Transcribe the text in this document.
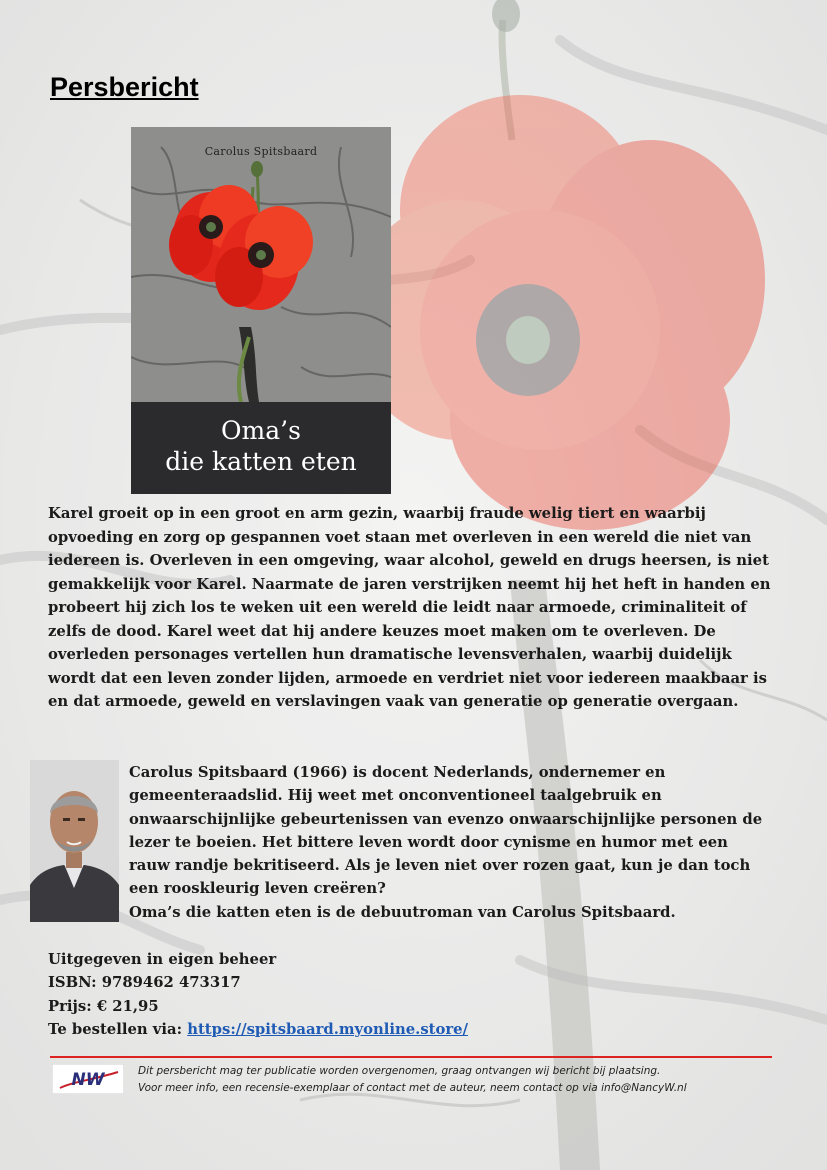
Persbericht
Carolus Spitsbaard
Oma’s
die katten eten

Karel groeit op in een groot en arm gezin, waarbij fraude welig tiert en waarbij opvoeding en zorg op gespannen voet staan met overleven in een wereld die niet van iedereen is. Overleven in een omgeving, waar alcohol, geweld en drugs heersen, is niet gemakkelijk voor Karel. Naarmate de jaren verstrijken neemt hij het heft in handen en probeert hij zich los te weken uit een wereld die leidt naar armoede, criminaliteit of zelfs de dood. Karel weet dat hij andere keuzes moet maken om te overleven. De overleden personages vertellen hun dramatische levensverhalen, waarbij duidelijk wordt dat een leven zonder lijden, armoede en verdriet niet voor iedereen maakbaar is en dat armoede, geweld en verslavingen vaak van generatie op generatie overgaan.

Carolus Spitsbaard (1966) is docent Nederlands, ondernemer en gemeenteraadslid. Hij weet met onconventioneel taalgebruik en onwaarschijnlijke gebeurtenissen van evenzo onwaarschijnlijke personen de lezer te boeien. Het bittere leven wordt door cynisme en humor met een rauw randje bekritiseerd. Als je leven niet over rozen gaat, kun je dan toch een rooskleurig leven creëren?
Oma’s die katten eten is de debuutroman van Carolus Spitsbaard.
Uitgegeven in eigen beheer
ISBN: 9789462 473317
Prijs: € 21,95
Te bestellen via: https://spitsbaard.myonline.store/
NW	Dit persbericht mag ter publicatie worden overgenomen, graag ontvangen wij bericht bij plaatsing.
Voor meer info, een recensie-exemplaar of contact met de auteur, neem contact op via info@NancyW.nl
